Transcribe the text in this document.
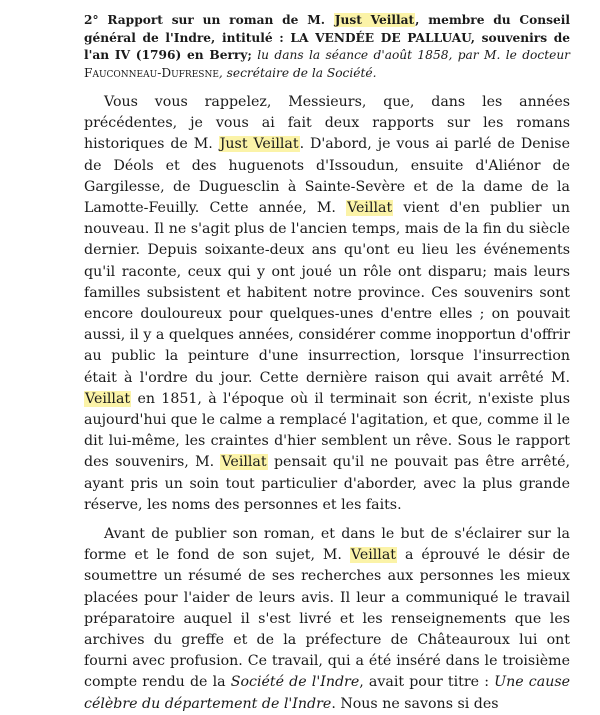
2° Rapport sur un roman de M. Just Veillat, membre du Conseil général de l'Indre, intitulé : LA VENDÉE DE PALLUAU, souvenirs de l'an IV (1796) en Berry; lu dans la séance d'août 1858, par M. le docteur Fauconneau-Dufresne, secrétaire de la Société.

Vous vous rappelez, Messieurs, que, dans les années précédentes, je vous ai fait deux rapports sur les romans historiques de M. Just Veillat. D'abord, je vous ai parlé de Denise de Déols et des huguenots d'Issoudun, ensuite d'Aliénor de Gargilesse, de Duguesclin à Sainte-Sevère et de la dame de la Lamotte-Feuilly. Cette année, M. Veillat vient d'en publier un nouveau. Il ne s'agit plus de l'ancien temps, mais de la fin du siècle dernier. Depuis soixante-deux ans qu'ont eu lieu les événements qu'il raconte, ceux qui y ont joué un rôle ont disparu; mais leurs familles subsistent et habitent notre province. Ces souvenirs sont encore douloureux pour quelques-unes d'entre elles ; on pouvait aussi, il y a quelques années, considérer comme inopportun d'offrir au public la peinture d'une insurrection, lorsque l'insurrection était à l'ordre du jour. Cette dernière raison qui avait arrêté M. Veillat en 1851, à l'époque où il terminait son écrit, n'existe plus aujourd'hui que le calme a remplacé l'agitation, et que, comme il le dit lui-même, les craintes d'hier semblent un rêve. Sous le rapport des souvenirs, M. Veillat pensait qu'il ne pouvait pas être arrêté, ayant pris un soin tout particulier d'aborder, avec la plus grande réserve, les noms des personnes et les faits.

Avant de publier son roman, et dans le but de s'éclairer sur la forme et le fond de son sujet, M. Veillat a éprouvé le désir de soumettre un résumé de ses recherches aux personnes les mieux placées pour l'aider de leurs avis. Il leur a communiqué le travail préparatoire auquel il s'est livré et les renseignements que les archives du greffe et de la préfecture de Châteauroux lui ont fourni avec profusion. Ce travail, qui a été inséré dans le troisième compte rendu de la Société de l'Indre, avait pour titre : Une cause célèbre du département de l'Indre. Nous ne savons si des
